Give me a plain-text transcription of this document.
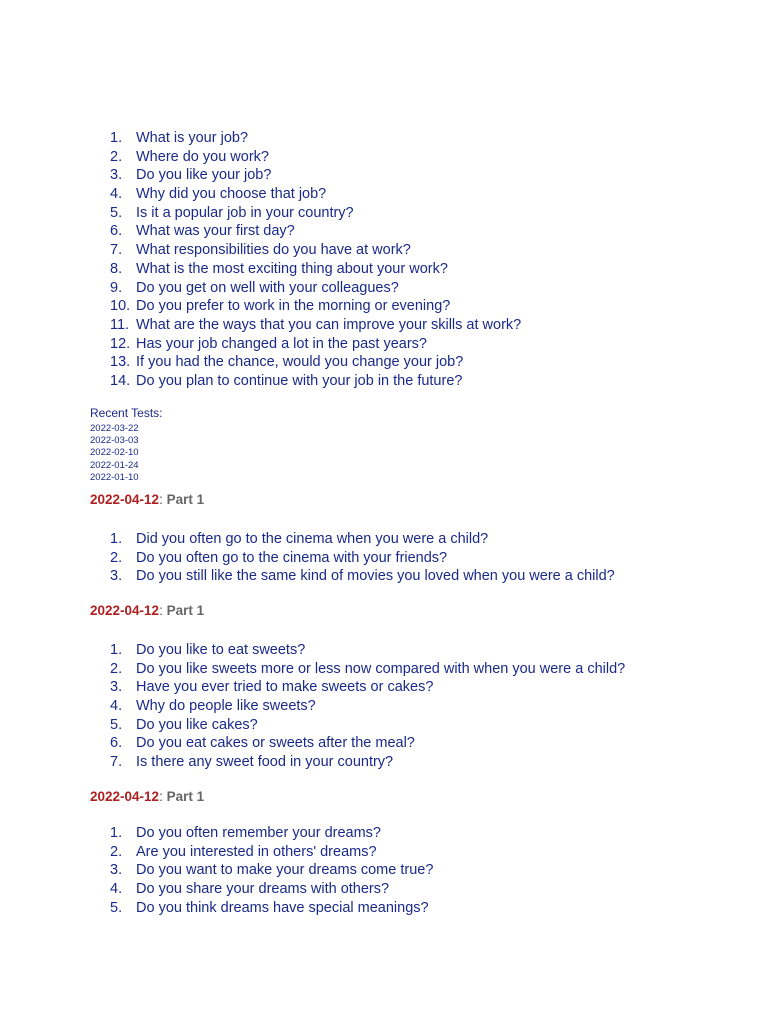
1. What is your job?
2. Where do you work?
3. Do you like your job?
4. Why did you choose that job?
5. Is it a popular job in your country?
6. What was your first day?
7. What responsibilities do you have at work?
8. What is the most exciting thing about your work?
9. Do you get on well with your colleagues?
10. Do you prefer to work in the morning or evening?
11. What are the ways that you can improve your skills at work?
12. Has your job changed a lot in the past years?
13. If you had the chance, would you change your job?
14. Do you plan to continue with your job in the future?
Recent Tests:
2022-03-22
2022-03-03
2022-02-10
2022-01-24
2022-01-10
2022-04-12: Part 1
1. Did you often go to the cinema when you were a child?
2. Do you often go to the cinema with your friends?
3. Do you still like the same kind of movies you loved when you were a child?
2022-04-12: Part 1
1. Do you like to eat sweets?
2. Do you like sweets more or less now compared with when you were a child?
3. Have you ever tried to make sweets or cakes?
4. Why do people like sweets?
5. Do you like cakes?
6. Do you eat cakes or sweets after the meal?
7. Is there any sweet food in your country?
2022-04-12: Part 1
1. Do you often remember your dreams?
2. Are you interested in others' dreams?
3. Do you want to make your dreams come true?
4. Do you share your dreams with others?
5. Do you think dreams have special meanings?
